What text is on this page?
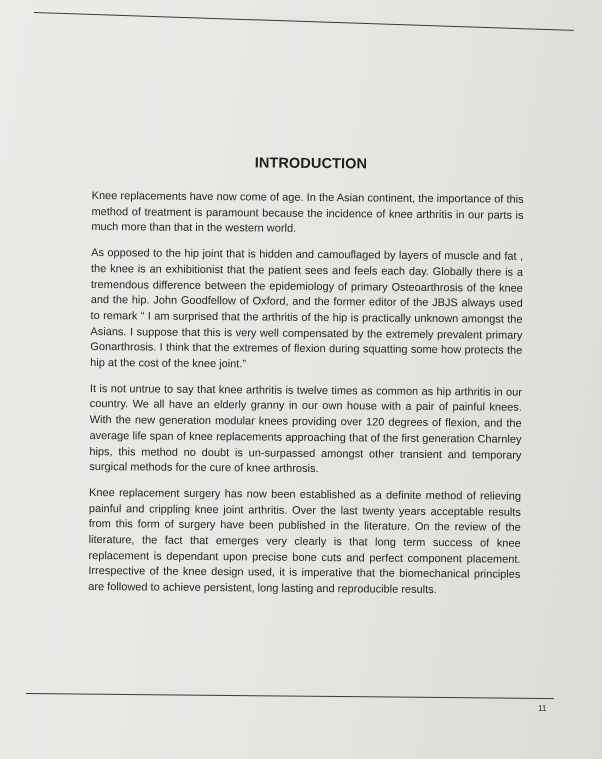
INTRODUCTION

Knee replacements have now come of age. In the Asian continent, the importance of this method of treatment is paramount because the incidence of knee arthritis in our parts is much more than that in the western world.

As opposed to the hip joint that is hidden and camouflaged by layers of muscle and fat , the knee is an exhibitionist that the patient sees and feels each day. Globally there is a tremendous difference between the epidemiology of primary Osteoarthrosis of the knee and the hip. John Goodfellow of Oxford, and the former editor of the JBJS always used to remark “ I am surprised that the arthritis of the hip is practically unknown amongst the Asians. I suppose that this is very well compensated by the extremely prevalent primary Gonarthrosis. I think that the extremes of flexion during squatting some how protects the hip at the cost of the knee joint.”

It is not untrue to say that knee arthritis is twelve times as common as hip arthritis in our country. We all have an elderly granny in our own house with a pair of painful knees. With the new generation modular knees providing over 120 degrees of flexion, and the average life span of knee replacements approaching that of the first generation Charnley hips, this method no doubt is un-surpassed amongst other transient and temporary surgical methods for the cure of knee arthrosis.

Knee replacement surgery has now been established as a definite method of relieving painful and crippling knee joint arthritis. Over the last twenty years acceptable results from this form of surgery have been published in the literature. On the review of the literature, the fact that emerges very clearly is that long term success of knee replacement is dependant upon precise bone cuts and perfect component placement. Irrespective of the knee design used, it is imperative that the biomechanical principles are followed to achieve persistent, long lasting and reproducible results.

11
